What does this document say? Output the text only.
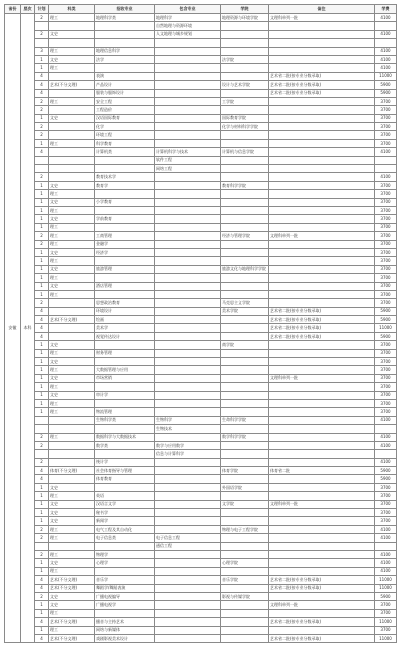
省份	层次	计划	科类	招收专业	包含专业	学院	备注	学费
安徽	本科	2	理工	地理科学类	地理科学	地理资源与环境学院	文理科单列一批	4100
					自然地理与资源环境			
		2	文史		人文地理与城乡规划			4100

		3	理工	地理信息科学				4100
		1	文史	法学		法学院		4100
		1	理工					4100
		4		表演			艺术省二批(按专业分数录取)	11000
		4	艺术(不分文理)	产品设计		设计与艺术学院	艺术省二批(按专业分数录取)	5900
		4		服装与服饰设计			艺术省二批(按专业分数录取)	5900
		2	理工	安全工程		工学院		3700
		2		工程造价				3700
		1	文史	汉语国际教育		国际教育学院		3700
		2		化学		化学与材料科学学院		3700
		2		环境工程				3700
		1	理工	科学教育				3700
		4		计算机类	计算机科学与技术	计算机与信息学院		4100
					软件工程			
					网络工程			
		2		教育技术学				4100
		1	文史	教育学		教育科学学院		3700
		1	理工					3700
		1	文史	小学教育				3700
		1	理工					3700
		1	文史	学前教育				3700
		1	理工					3700
		2	理工	工商管理		经济与管理学院	文理科单列一批	3700
		2	理工	金融学				3700
		1	文史	经济学				3700
		1	理工					3700
		1	文史	旅游管理		旅游文化与地理科学学院		3700
		1	理工					3700
		1	文史	酒店管理				3700
		1	理工					3700
		2		思想政治教育		马克思主义学院		3700
		4		环境设计		美术学院	艺术省二批(按专业分数录取)	5900
		4	艺术(不分文理)	绘画			艺术省二批(按专业分数录取)	5900
		4		美术学			艺术省二批(按专业分数录取)	11000
		4		视觉传达设计			艺术省二批(按专业分数录取)	5900
		1	文史			商学院		3700
		1	理工	财务管理				3700
		1	文史					3700
		1	理工	大数据管理与应用				3700
		1	文史	市场营销			文理科单列一批	3700
		1	理工					3700
		1	文史	审计学				3700
		1	理工					3700
		1	理工	物流管理				3700
				生物科学类	生物科学	生命科学学院		4100
					生物技术			
		2	理工	数据科学与大数据技术		数学科学学院		4100
		2		数学类	数学与应用数学			4100
					信息与计算科学			
		2		统计学				4100
		4	体育(不分文理)	社会体育指导与管理		体育学院	体育省二批	5900
		4		体育教育				5900
		1	文史			外国语学院		3700
		1	理工	英语				3700
		1	文史	汉语言文学		文学院	文理科单列一批	3700
		1	文史	秘书学				3700
		1	文史	新闻学				3700
		2	理工	电气工程及其自动化		物理与电子工程学院		4100
		2	理工	电子信息类	电子信息工程			4100
					通信工程			
		2	理工	物理学				4100
		1	文史	心理学		心理学院		4100
		1	理工					4100
		4	艺术(不分文理)	音乐学		音乐学院	艺术省二批(按专业分数录取)	11000
		4	艺术(不分文理)	舞蹈学/舞蹈表演			艺术省二批(按专业分数录取)	11000
		2	文史	广播电视编导		影视与传媒学院		5900
		1	文史	广播电视学			文理科单列一批	3700
		1	理工					3700
		4	艺术(不分文理)	播音与主持艺术			艺术省二批(按专业分数录取)	11000
		1	理工	网络与新媒体				3700
		4	艺术(不分文理)	戏剧影视美术设计			艺术省二批(按专业分数录取)	11000
